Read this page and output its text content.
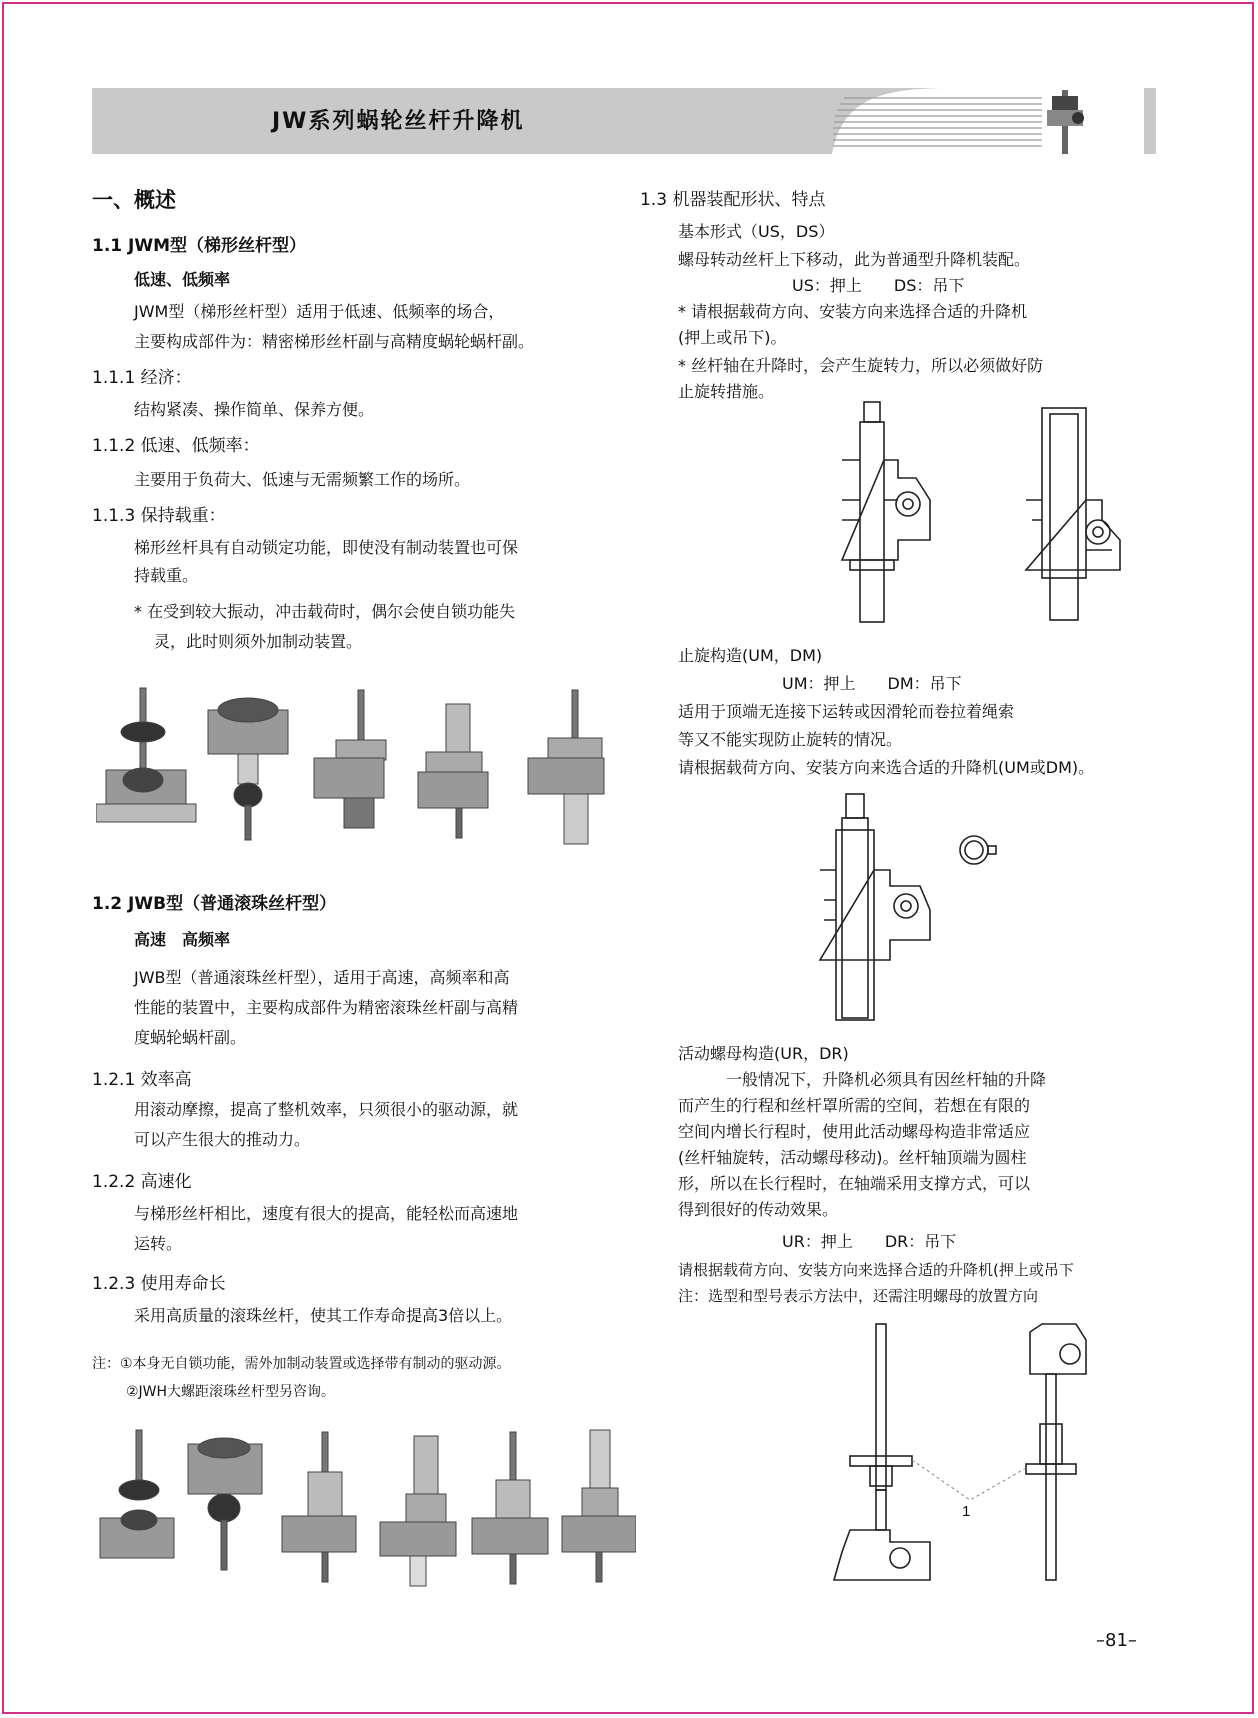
JW系列蜗轮丝杆升降机
一、概述
1.1 JWM型（梯形丝杆型）
低速、低频率
JWM型（梯形丝杆型）适用于低速、低频率的场合，
主要构成部件为：精密梯形丝杆副与高精度蜗轮蜗杆副。
1.1.1 经济：
结构紧凑、操作简单、保养方便。
1.1.2 低速、低频率：
主要用于负荷大、低速与无需频繁工作的场所。
1.1.3 保持载重：
梯形丝杆具有自动锁定功能，即使没有制动装置也可保
持载重。
* 在受到较大振动，冲击载荷时，偶尔会使自锁功能失
灵，此时则须外加制动装置。
1.2 JWB型（普通滚珠丝杆型）
高速　高频率
JWB型（普通滚珠丝杆型），适用于高速，高频率和高
性能的装置中，主要构成部件为精密滚珠丝杆副与高精
度蜗轮蜗杆副。
1.2.1 效率高
用滚动摩擦，提高了整机效率，只须很小的驱动源，就
可以产生很大的推动力。
1.2.2 高速化
与梯形丝杆相比，速度有很大的提高，能轻松而高速地
运转。
1.2.3 使用寿命长
采用高质量的滚珠丝杆，使其工作寿命提高3倍以上。
注：①本身无自锁功能，需外加制动装置或选择带有制动的驱动源。
②JWH大螺距滚珠丝杆型另咨询。
1.3 机器装配形状、特点
基本形式（US，DS）
螺母转动丝杆上下移动，此为普通型升降机装配。
US：押上　　DS：吊下
* 请根据载荷方向、安装方向来选择合适的升降机
(押上或吊下)。
* 丝杆轴在升降时，会产生旋转力，所以必须做好防
止旋转措施。
止旋构造(UM，DM)
UM：押上　　DM：吊下
适用于顶端无连接下运转或因滑轮而卷拉着绳索
等又不能实现防止旋转的情况。
请根据载荷方向、安装方向来选合适的升降机(UM或DM)。
活动螺母构造(UR，DR)
一般情况下，升降机必须具有因丝杆轴的升降
而产生的行程和丝杆罩所需的空间，若想在有限的
空间内增长行程时，使用此活动螺母构造非常适应
(丝杆轴旋转，活动螺母移动)。丝杆轴顶端为圆柱
形，所以在长行程时，在轴端采用支撑方式，可以
得到很好的传动效果。
UR：押上　　DR：吊下
请根据载荷方向、安装方向来选择合适的升降机(押上或吊下
注：选型和型号表示方法中，还需注明螺母的放置方向
1
–81–
